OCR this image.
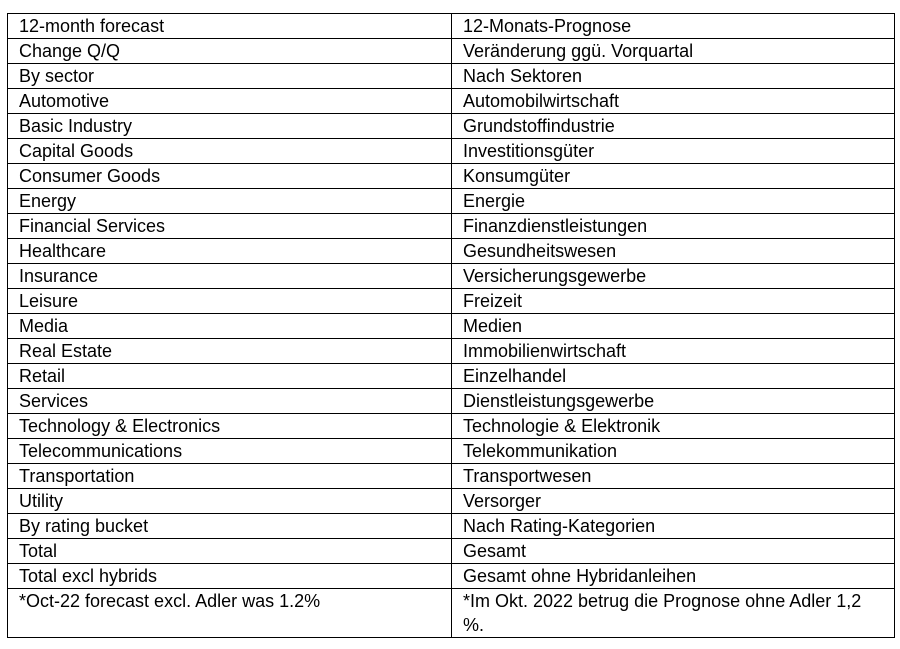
12-month forecast	12-Monats-Prognose
Change Q/Q	Veränderung ggü. Vorquartal
By sector	Nach Sektoren
Automotive	Automobilwirtschaft
Basic Industry	Grundstoffindustrie
Capital Goods	Investitionsgüter
Consumer Goods	Konsumgüter
Energy	Energie
Financial Services	Finanzdienstleistungen
Healthcare	Gesundheitswesen
Insurance	Versicherungsgewerbe
Leisure	Freizeit
Media	Medien
Real Estate	Immobilienwirtschaft
Retail	Einzelhandel
Services	Dienstleistungsgewerbe
Technology & Electronics	Technologie & Elektronik
Telecommunications	Telekommunikation
Transportation	Transportwesen
Utility	Versorger
By rating bucket	Nach Rating-Kategorien
Total	Gesamt
Total excl hybrids	Gesamt ohne Hybridanleihen
*Oct-22 forecast excl. Adler was 1.2%	*Im Okt. 2022 betrug die Prognose ohne Adler 1,2 %.
